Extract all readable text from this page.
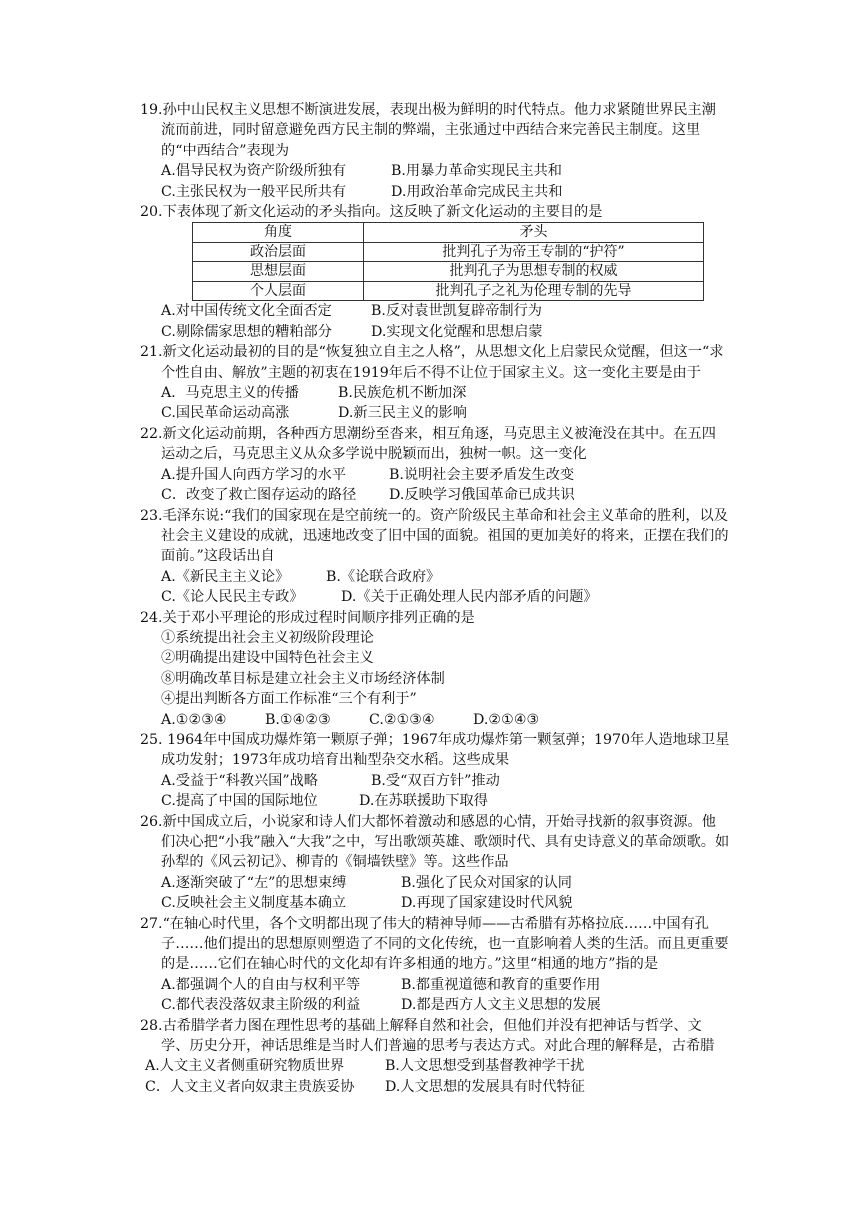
19.孙中山民权主义思想不断演进发展，表现出极为鲜明的时代特点。他力求紧随世界民主潮流而前进，同时留意避免西方民主制的弊端，主张通过中西结合来完善民主制度。这里的“中西结合”表现为
A.倡导民权为资产阶级所独有	B.用暴力革命实现民主共和
C.主张民权为一般平民所共有	D.用政治革命完成民主共和
20.下表体现了新文化运动的矛头指向。这反映了新文化运动的主要目的是
角度	矛头
政治层面	批判孔子为帝王专制的“护符”
思想层面	批判孔子为思想专制的权威
个人层面	批判孔子之礼为伦理专制的先导
A.对中国传统文化全面否定	B.反对袁世凯复辟帝制行为
C.剔除儒家思想的糟粕部分	D.实现文化觉醒和思想启蒙
21.新文化运动最初的目的是“恢复独立自主之人格”，从思想文化上启蒙民众觉醒，但这一“求个性自由、解放”主题的初衷在1919年后不得不让位于国家主义。这一变化主要是由于
A．马克思主义的传播	B.民族危机不断加深
C.国民革命运动高涨	D.新三民主义的影响
22.新文化运动前期，各种西方思潮纷至沓来，相互角逐，马克思主义被淹没在其中。在五四运动之后，马克思主义从众多学说中脱颖而出，独树一帜。这一变化
A.提升国人向西方学习的水平	B.说明社会主要矛盾发生改变
C．改变了救亡图存运动的路径	D.反映学习俄国革命已成共识
23.毛泽东说:“我们的国家现在是空前统一的。资产阶级民主革命和社会主义革命的胜利，以及社会主义建设的成就，迅速地改变了旧中国的面貌。祖国的更加美好的将来，正摆在我们的面前。”这段话出自
A.《新民主主义论》	B.《论联合政府》
C.《论人民民主专政》	D.《关于正确处理人民内部矛盾的问题》
24.关于邓小平理论的形成过程时间顺序排列正确的是
①系统提出社会主义初级阶段理论
②明确提出建设中国特色社会主义
⑧明确改革目标是建立社会主义市场经济体制
④提出判断各方面工作标准“三个有利于”
A.①②③④	B.①④②③	C.②①③④	D.②①④③
25. 1964年中国成功爆炸第一颗原子弹；1967年成功爆炸第一颗氢弹；1970年人造地球卫星成功发射；1973年成功培育出籼型杂交水稻。这些成果
A.受益于“科教兴国”战略	B.受“双百方针”推动
C.提高了中国的国际地位	D.在苏联援助下取得
26.新中国成立后，小说家和诗人们大都怀着激动和感恩的心情，开始寻找新的叙事资源。他们决心把“小我”融入“大我”之中，写出歌颂英雄、歌颂时代、具有史诗意义的革命颂歌。如孙犁的《风云初记》、柳青的《铜墙铁壁》等。这些作品
A.逐渐突破了“左”的思想束缚	B.强化了民众对国家的认同
C.反映社会主义制度基本确立	D.再现了国家建设时代风貌
27.“在轴心时代里，各个文明都出现了伟大的精神导师——古希腊有苏格拉底……中国有孔子……他们提出的思想原则塑造了不同的文化传统，也一直影响着人类的生活。而且更重要的是……它们在轴心时代的文化却有许多相通的地方。”这里“相通的地方”指的是
A.都强调个人的自由与权利平等	B.都重视道德和教育的重要作用
C.都代表没落奴隶主阶级的利益	D.都是西方人文主义思想的发展
28.古希腊学者力图在理性思考的基础上解释自然和社会，但他们并没有把神话与哲学、文学、历史分开，神话思维是当时人们普遍的思考与表达方式。对此合理的解释是，古希腊
A.人文主义者侧重研究物质世界	B.人文思想受到基督教神学干扰
C．人文主义者向奴隶主贵族妥协	D.人文思想的发展具有时代特征
